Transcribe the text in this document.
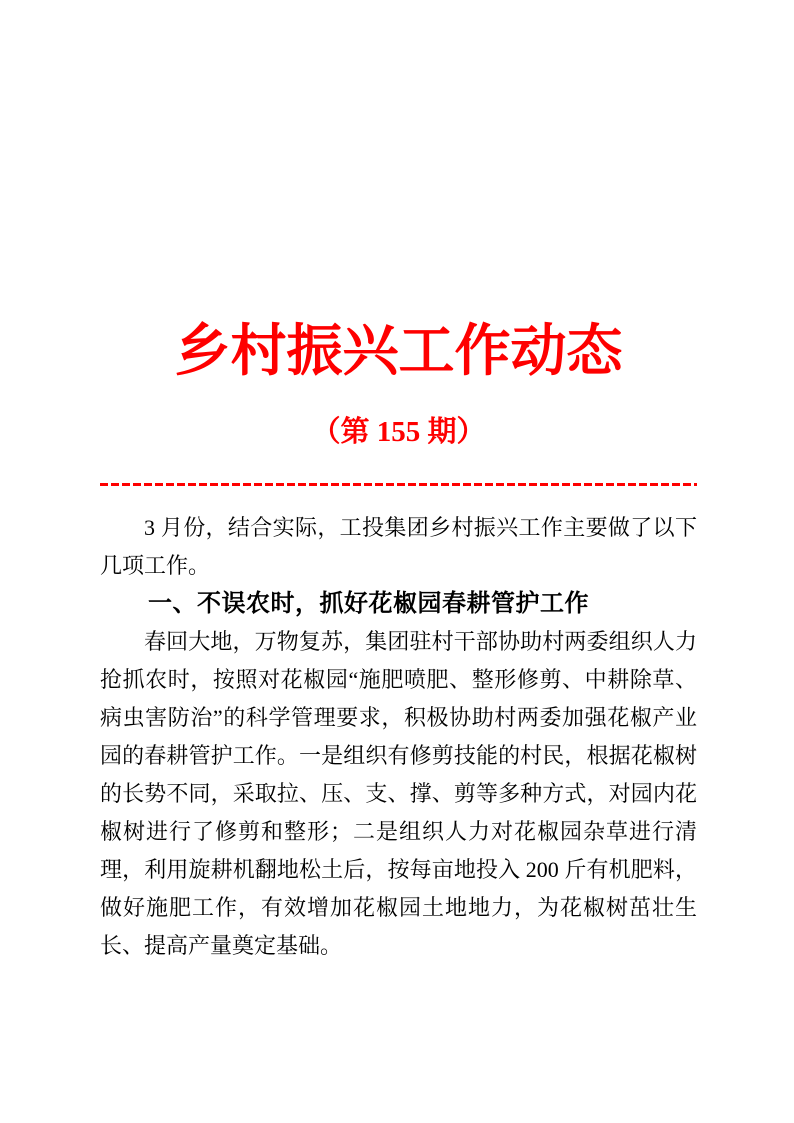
乡村振兴工作动态
（第 155 期）

3 月份，结合实际，工投集团乡村振兴工作主要做了以下几项工作。

一、不误农时，抓好花椒园春耕管护工作

春回大地，万物复苏，集团驻村干部协助村两委组织人力抢抓农时，按照对花椒园“施肥喷肥、整形修剪、中耕除草、病虫害防治”的科学管理要求，积极协助村两委加强花椒产业园的春耕管护工作。一是组织有修剪技能的村民，根据花椒树的长势不同，采取拉、压、支、撑、剪等多种方式，对园内花椒树进行了修剪和整形；二是组织人力对花椒园杂草进行清理，利用旋耕机翻地松土后，按每亩地投入 200 斤有机肥料，做好施肥工作，有效增加花椒园土地地力，为花椒树茁壮生长、提高产量奠定基础。
